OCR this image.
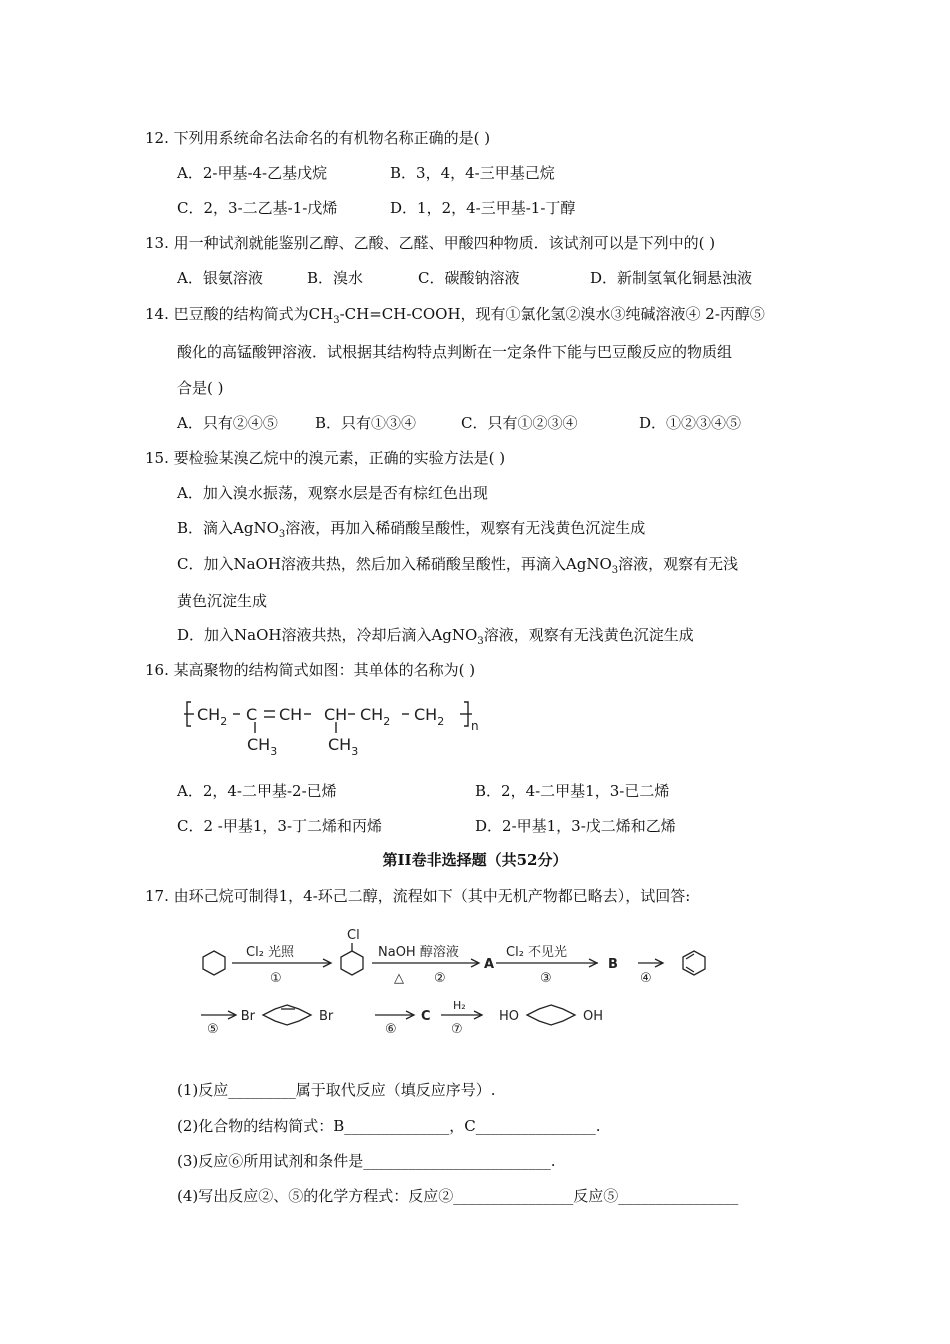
12. 下列用系统命名法命名的有机物名称正确的是( )
A．2-甲基-4-乙基戊烷	B．3，4，4-三甲基己烷
C．2，3-二乙基-1-戊烯	D．1，2，4-三甲基-1-丁醇
13. 用一种试剂就能鉴别乙醇、乙酸、乙醛、甲酸四种物质．该试剂可以是下列中的( )
A．银氨溶液	B．溴水	C．碳酸钠溶液	D．新制氢氧化铜悬浊液
14. 巴豆酸的结构简式为$CH_3-CH=CH$-COOH，现有①氯化氢②溴水③纯碱溶液④ 2-丙醇⑤
酸化的高锰酸钾溶液．试根据其结构特点判断在一定条件下能与巴豆酸反应的物质组
合是( )
A．只有②④⑤ B．只有①③④	C．只有①②③④	D．①②③④⑤
15. 要检验某溴乙烷中的溴元素，正确的实验方法是( )
A．加入溴水振荡，观察水层是否有棕红色出现
B．滴入AgNO$_3$溶液，再加入稀硝酸呈酸性，观察有无浅黄色沉淀生成
C．加入NaOH溶液共热，然后加入稀硝酸呈酸性，再滴入AgNO$_3$溶液，观察有无浅
黄色沉淀生成
D．加入NaOH溶液共热，冷却后滴入AgNO$_3$溶液，观察有无浅黄色沉淀生成
16. 某高聚物的结构简式如图：其单体的名称为( )
$CH_2$ C CH CH $CH_2$ $CH_2$ n
$CH_3$	$CH_3$
A．2，4-二甲基-2-已烯	B．2，4-二甲基1，3-已二烯
C．2 -甲基1，3-丁二烯和丙烯	D．2-甲基1，3-戊二烯和乙烯
第II卷非选择题（共52分）
17. 由环己烷可制得1，4-环己二醇，流程如下（其中无机产物都已略去），试回答:
Cl
Cl₂ 光照
①
NaOH 醇溶液
△ ②
A
Cl₂ 不见光
③
B
④
⑤
Br	Br
⑥
C
H₂
⑦
HO	OH
(1)反应_________属于取代反应（填反应序号）.
(2)化合物的结构简式：B______________，C________________.
(3)反应⑥所用试剂和条件是_________________________.
(4)写出反应②、⑤的化学方程式：反应②________________反应⑤________________
